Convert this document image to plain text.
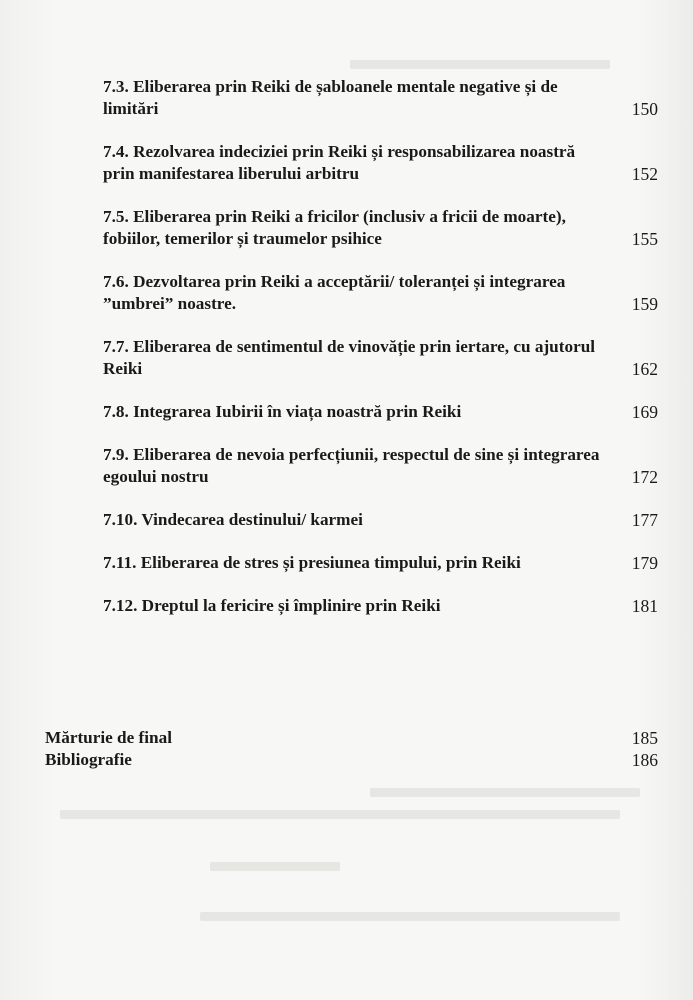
7.3. Eliberarea prin Reiki de șabloanele mentale negative și de limitări	150
7.4. Rezolvarea indeciziei prin Reiki și responsabilizarea noastră prin manifestarea liberului arbitru	152
7.5. Eliberarea prin Reiki a fricilor (inclusiv a fricii de moarte), fobiilor, temerilor și traumelor psihice	155
7.6. Dezvoltarea prin Reiki a acceptării/ toleranței și integrarea ”umbrei” noastre.	159
7.7. Eliberarea de sentimentul de vinovăție prin iertare, cu ajutorul Reiki	162
7.8. Integrarea Iubirii în viața noastră prin Reiki	169
7.9. Eliberarea de nevoia perfecțiunii, respectul de sine și integrarea egoului nostru	172
7.10. Vindecarea destinului/ karmei	177
7.11. Eliberarea de stres și presiunea timpului, prin Reiki	179
7.12. Dreptul la fericire și împlinire prin Reiki	181
Mărturie de final	185
Bibliografie	186
